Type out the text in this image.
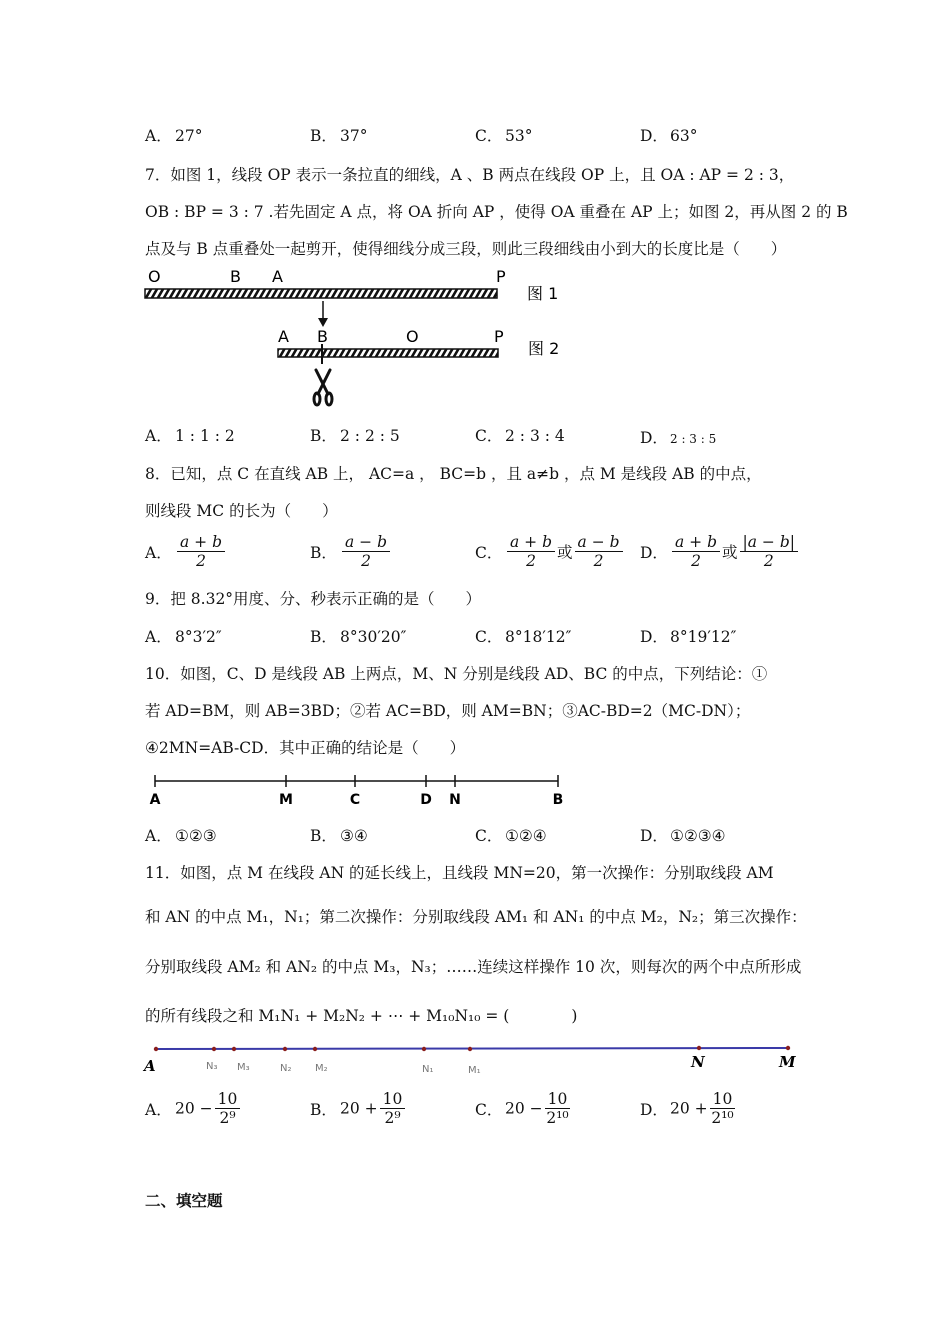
A． 27°	B． 37°	C． 53°	D． 63°
7．如图 1，线段 OP 表示一条拉直的细线，A 、B 两点在线段 OP 上，且 OA : AP = 2 : 3，
OB : BP = 3 : 7 .若先固定 A 点，将 OA 折向 AP ，使得 OA 重叠在 AP 上；如图 2，再从图 2 的 B
点及与 B 点重叠处一起剪开，使得细线分成三段，则此三段细线由小到大的长度比是（　　）
O	B A	P
图 1
A B	O	P
图 2
A． 1 : 1 : 2	B． 2 : 2 : 5	C． 2 : 3 : 4	D． 2 : 3 : 5
8．已知，点 C 在直线 AB 上， AC=a ， BC=b ，且 a≠b ，点 M 是线段 AB 的中点，
则线段 MC 的长为（　　）
A． $\frac{a + b}{2}$	B． $\frac{a - b}{2}$	C． $\frac{a + b}{2}$ 或 $\frac{a - b}{2}$ D． $\frac{a + b}{2}$ 或 $\frac{|a - b|}{2}$
9．把 8.32°用度、分、秒表示正确的是（　　）
A． 8°3′2″	B． 8°30′20″	C． 8°18′12″	D． 8°19′12″
10．如图，C、D 是线段 AB 上两点，M、N 分别是线段 AD、BC 的中点，下列结论：①
若 AD=BM，则 AB=3BD；②若 AC=BD，则 AM=BN；③AC-BD=2（MC-DN）；
④2MN=AB-CD．其中正确的结论是（　　）
A	M	C	D N	B
A． ①②③	B． ③④	C． ①②④	D． ①②③④
11．如图，点 M 在线段 AN 的延长线上，且线段 MN=20，第一次操作：分别取线段 AM
和 AN 的中点 M₁，N₁；第二次操作：分别取线段 AM₁ 和 AN₁ 的中点 M₂，N₂；第三次操作：
分别取线段 AM₂ 和 AN₂ 的中点 M₃，N₃；……连续这样操作 10 次，则每次的两个中点所形成
的所有线段之和 M₁N₁ + M₂N₂ + ⋯ + M₁₀N₁₀ = (　　　　)
A	N₃ M₃	N₂ M₂	N₁	M₁	N	M
A． $20 - \frac{10}{\text{2⁹}}$	B． $20 + \frac{10}{\text{2⁹}}$	C． $20 - \frac{10}{\text{2¹⁰}}$	D． $20 + \frac{10}{\text{2¹⁰}}$
二、填空题
